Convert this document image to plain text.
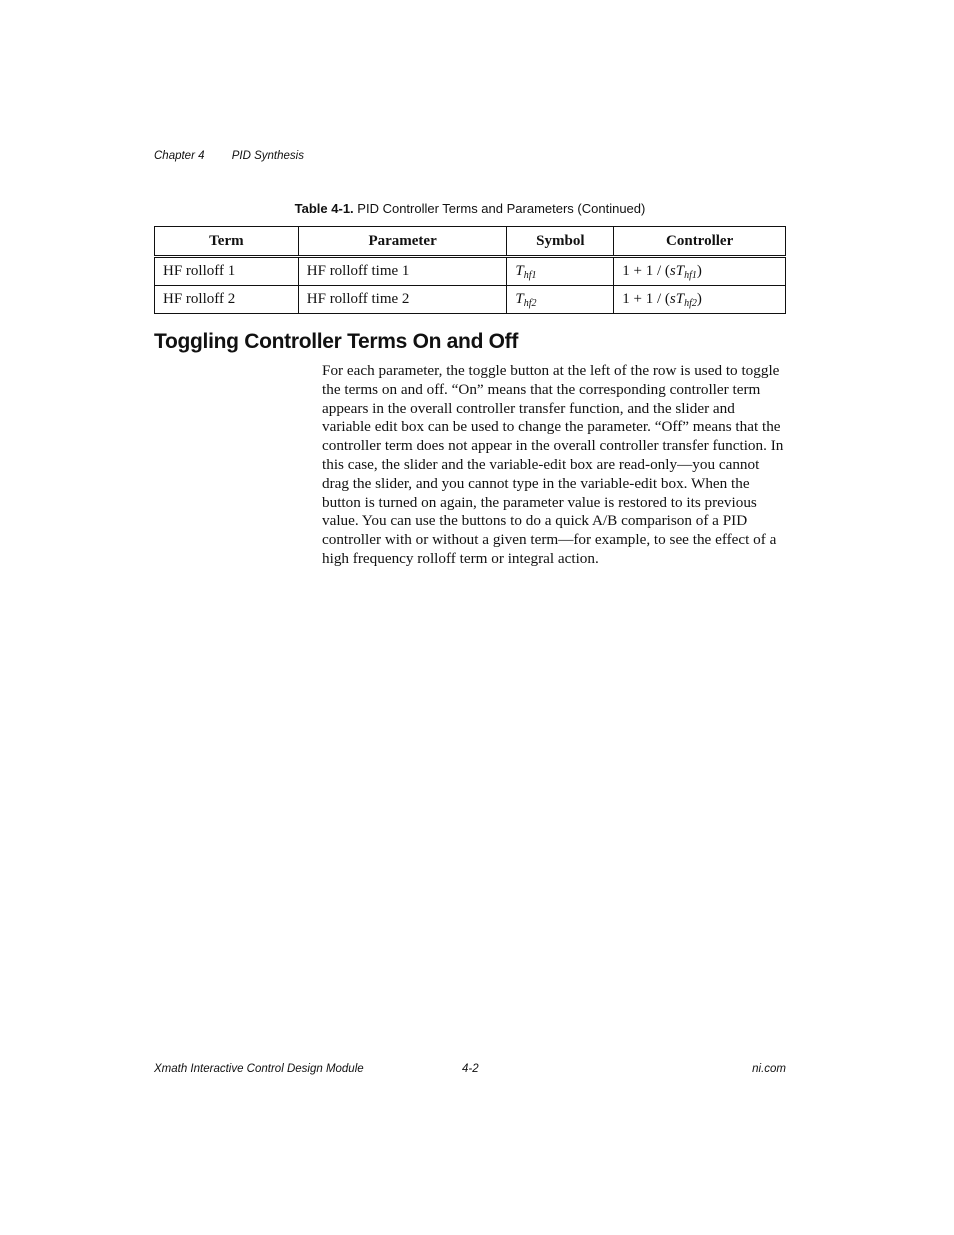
Chapter 4 PID Synthesis
Table 4-1. PID Controller Terms and Parameters (Continued)
Term	Parameter	Symbol	Controller
HF rolloff 1	HF rolloff time 1	$T_{hf1}$	$1 + 1 / (sT_{hf1})$
HF rolloff 2	HF rolloff time 2	$T_{hf2}$	$1 + 1 / (sT_{hf2})$
Toggling Controller Terms On and Off

For each parameter, the toggle button at the left of the row is used to toggle the terms on and off. “On” means that the corresponding controller term appears in the overall controller transfer function, and the slider and variable edit box can be used to change the parameter. “Off” means that the controller term does not appear in the overall controller transfer function. In this case, the slider and the variable-edit box are read-only—you cannot drag the slider, and you cannot type in the variable-edit box. When the button is turned on again, the parameter value is restored to its previous value. You can use the buttons to do a quick A/B comparison of a PID controller with or without a given term—for example, to see the effect of a high frequency rolloff term or integral action.

Xmath Interactive Control Design Module	4-2	ni.com
